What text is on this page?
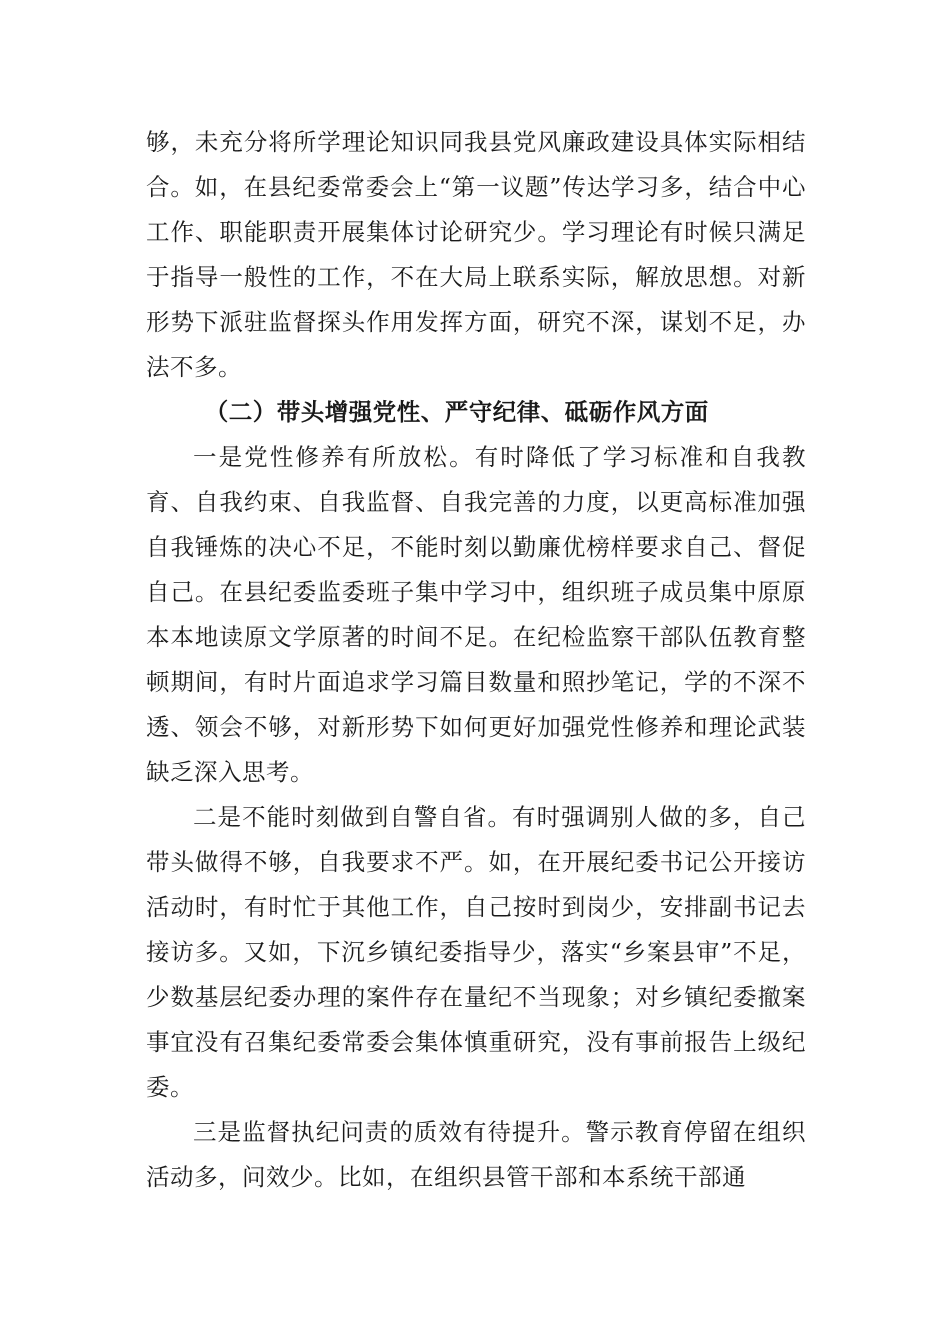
够，未充分将所学理论知识同我县党风廉政建设具体实际相结合。如，在县纪委常委会上“第一议题”传达学习多，结合中心工作、职能职责开展集体讨论研究少。学习理论有时候只满足于指导一般性的工作，不在大局上联系实际，解放思想。对新形势下派驻监督探头作用发挥方面，研究不深，谋划不足，办法不多。

（二）带头增强党性、严守纪律、砥砺作风方面

一是党性修养有所放松。有时降低了学习标准和自我教育、自我约束、自我监督、自我完善的力度，以更高标准加强自我锤炼的决心不足，不能时刻以勤廉优榜样要求自己、督促自己。在县纪委监委班子集中学习中，组织班子成员集中原原本本地读原文学原著的时间不足。在纪检监察干部队伍教育整顿期间，有时片面追求学习篇目数量和照抄笔记，学的不深不透、领会不够，对新形势下如何更好加强党性修养和理论武装缺乏深入思考。

二是不能时刻做到自警自省。有时强调别人做的多，自己带头做得不够，自我要求不严。如，在开展纪委书记公开接访活动时，有时忙于其他工作，自己按时到岗少，安排副书记去接访多。又如，下沉乡镇纪委指导少，落实“乡案县审”不足，少数基层纪委办理的案件存在量纪不当现象；对乡镇纪委撤案事宜没有召集纪委常委会集体慎重研究，没有事前报告上级纪委。

三是监督执纪问责的质效有待提升。警示教育停留在组织活动多，问效少。比如，在组织县管干部和本系统干部通
